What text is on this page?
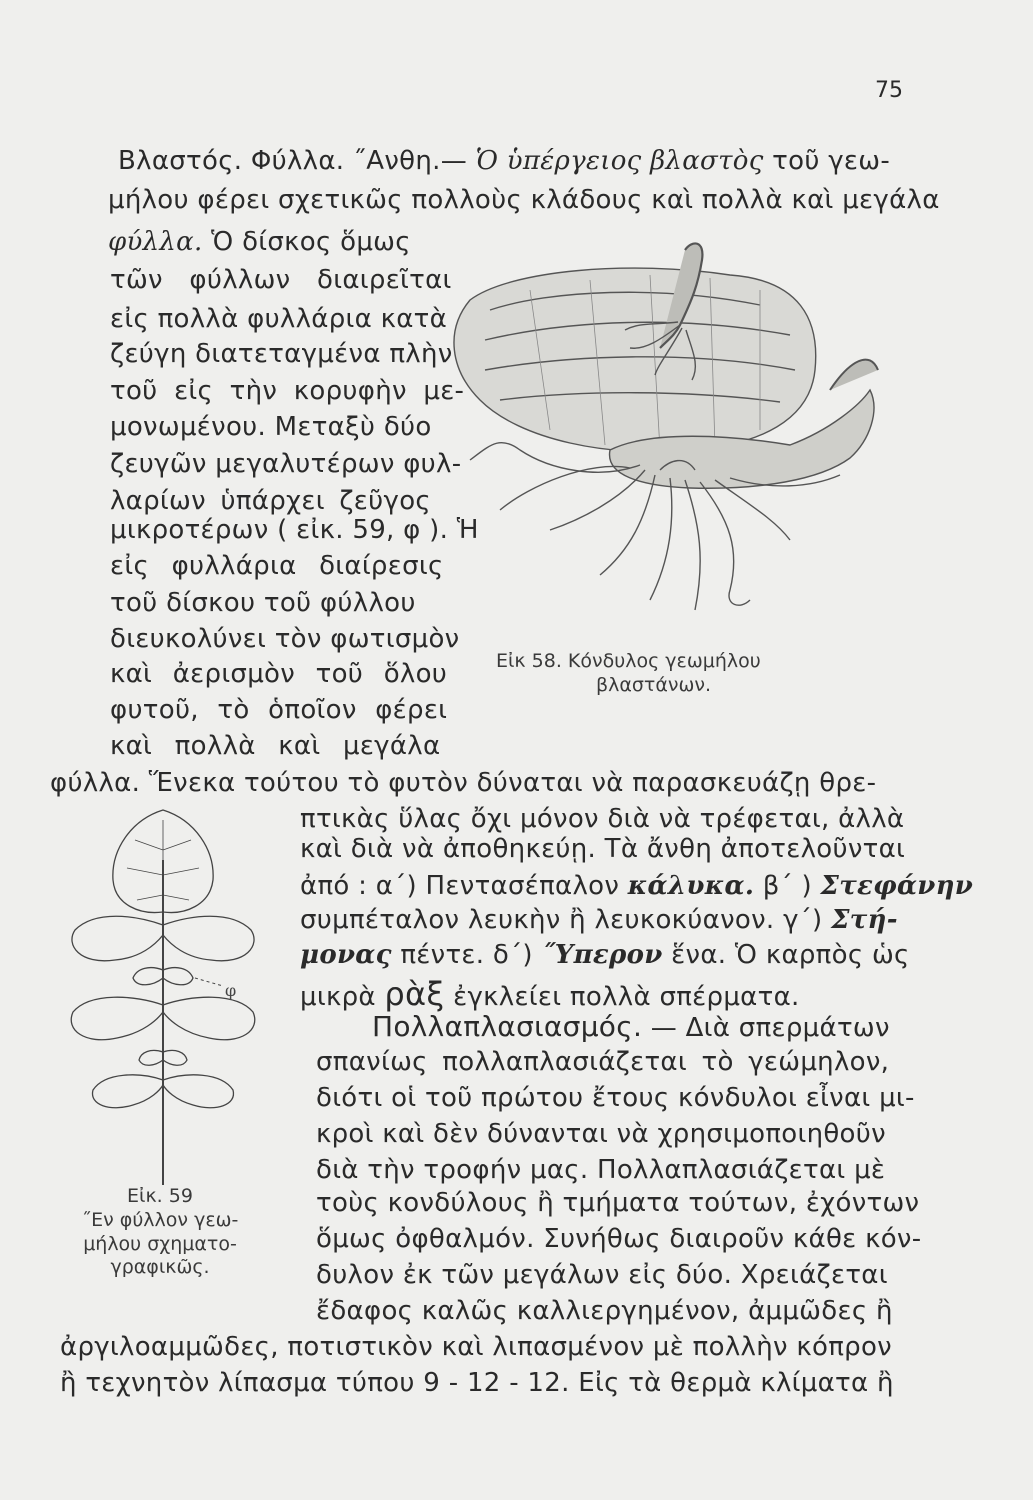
75
Βλαστός. Φύλλα. ˝Ανθη.— Ὁ ὑπέργειος βλαστὸς τοῦ γεω-
μήλου φέρει σχετικῶς πολλοὺς κλάδους καὶ πολλὰ καὶ μεγάλα
φύλλα. Ὁ δίσκος ὅμως
τῶν φύλλων διαιρεῖται
εἰς πολλὰ φυλλάρια κατὰ
ζεύγη διατεταγμένα πλὴν
τοῦ εἰς τὴν κορυφὴν με-
μονωμένου. Μεταξὺ δύο
ζευγῶν μεγαλυτέρων φυλ-
λαρίων ὑπάρχει ζεῦγος
μικροτέρων ( εἰκ. 59, φ ). Ἡ
εἰς φυλλάρια διαίρεσις
τοῦ δίσκου τοῦ φύλλου
διευκολύνει τὸν φωτισμὸν
καὶ ἀερισμὸν τοῦ ὅλου
φυτοῦ, τὸ ὁποῖον φέρει
καὶ πολλὰ καὶ μεγάλα
Εἰκ 58. Κόνδυλος γεωμήλου
βλαστάνων.
φύλλα. Ἕνεκα τούτου τὸ φυτὸν δύναται νὰ παρασκευάζῃ θρε-
πτικὰς ὕλας ὄχι μόνον διὰ νὰ τρέφεται, ἀλλὰ
καὶ διὰ νὰ ἀποθηκεύῃ. Τὰ ἄνθη ἀποτελοῦνται
ἀπό : α΄) Πεντασέπαλον κάλυκα. β΄ ) Στεφάνην
συμπέταλον λευκὴν ἢ λευκοκύανον. γ΄) Στή-
μονας πέντε. δ΄) ˝Υπερον ἕνα. Ὁ καρπὸς ὡς
μικρὰ ρὰξ ἐγκλείει πολλὰ σπέρματα.
Πολλαπλασιασμός. — Διὰ σπερμάτων
σπανίως πολλαπλασιάζεται τὸ γεώμηλον,
διότι οἱ τοῦ πρώτου ἔτους κόνδυλοι εἶναι μι-
κροὶ καὶ δὲν δύνανται νὰ χρησιμοποιηθοῦν
διὰ τὴν τροφήν μας. Πολλαπλασιάζεται μὲ
τοὺς κονδύλους ἢ τμήματα τούτων, ἐχόντων
ὅμως ὀφθαλμόν. Συνήθως διαιροῦν κάθε κόν-
δυλον ἐκ τῶν μεγάλων εἰς δύο. Χρειάζεται
ἔδαφος καλῶς καλλιεργημένον, ἀμμῶδες ἢ
ἀργιλοαμμῶδες, ποτιστικὸν καὶ λιπασμένον μὲ πολλὴν κόπρον
ἢ τεχνητὸν λίπασμα τύπου 9 - 12 - 12. Εἰς τὰ θερμὰ κλίματα ἢ
φ
Εἰκ. 59
˝Εν φύλλον γεω-
μήλου σχηματο-
γραφικῶς.
